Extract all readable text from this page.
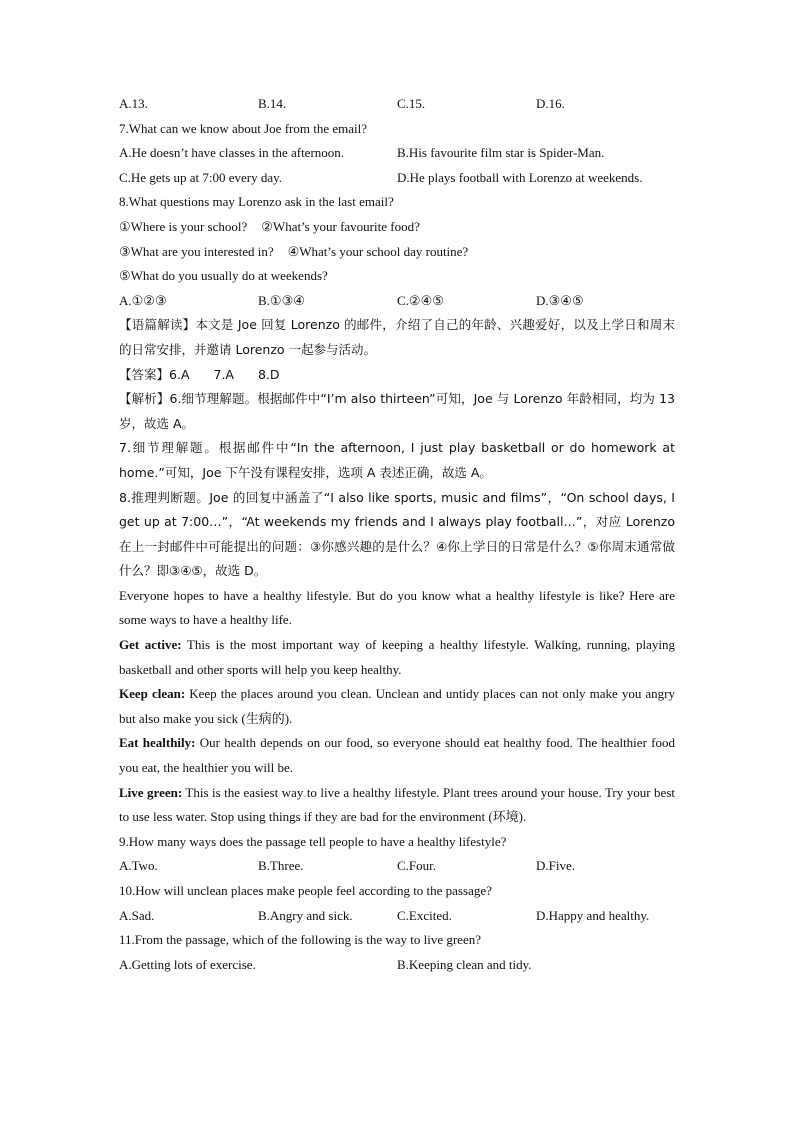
A.13.	B.14.	C.15.	D.16.
7.What can we know about Joe from the email?
A.He doesn’t have classes in the afternoon.	B.His favourite film star is Spider-Man.
C.He gets up at 7:00 every day.	D.He plays football with Lorenzo at weekends.
8.What questions may Lorenzo ask in the last email?
①Where is your school? ②What’s your favourite food?
③What are you interested in? ④What’s your school day routine?
⑤What do you usually do at weekends?
A.①②③	B.①③④	C.②④⑤	D.③④⑤
【语篇解读】本文是 Joe 回复 Lorenzo 的邮件，介绍了自己的年龄、兴趣爱好，以及上学日和周末的日常安排，并邀请 Lorenzo 一起参与活动。
【答案】6.A 7.A 8.D
【解析】6.细节理解题。根据邮件中“I’m also thirteen”可知，Joe 与 Lorenzo 年龄相同，均为 13 岁，故选 A。
7.细节理解题。根据邮件中“In the afternoon, I just play basketball or do homework at home.”可知，Joe 下午没有课程安排，选项 A 表述正确，故选 A。
8.推理判断题。Joe 的回复中涵盖了“I also like sports, music and films”，“On school days, I get up at 7:00…”，“At weekends my friends and I always play football…”，对应 Lorenzo 在上一封邮件中可能提出的问题：③你感兴趣的是什么？④你上学日的日常是什么？⑤你周末通常做什么？即③④⑤，故选 D。
Everyone hopes to have a healthy lifestyle. But do you know what a healthy lifestyle is like? Here are some ways to have a healthy life.
Get active: This is the most important way of keeping a healthy lifestyle. Walking, running, playing basketball and other sports will help you keep healthy.
Keep clean: Keep the places around you clean. Unclean and untidy places can not only make you angry but also make you sick (生病的).
Eat healthily: Our health depends on our food, so everyone should eat healthy food. The healthier food you eat, the healthier you will be.
Live green: This is the easiest way to live a healthy lifestyle. Plant trees around your house. Try your best to use less water. Stop using things if they are bad for the environment (环境).
9.How many ways does the passage tell people to have a healthy lifestyle?
A.Two.	B.Three.	C.Four.	D.Five.
10.How will unclean places make people feel according to the passage?
A.Sad.	B.Angry and sick.	C.Excited.	D.Happy and healthy.
11.From the passage, which of the following is the way to live green?
A.Getting lots of exercise.	B.Keeping clean and tidy.
